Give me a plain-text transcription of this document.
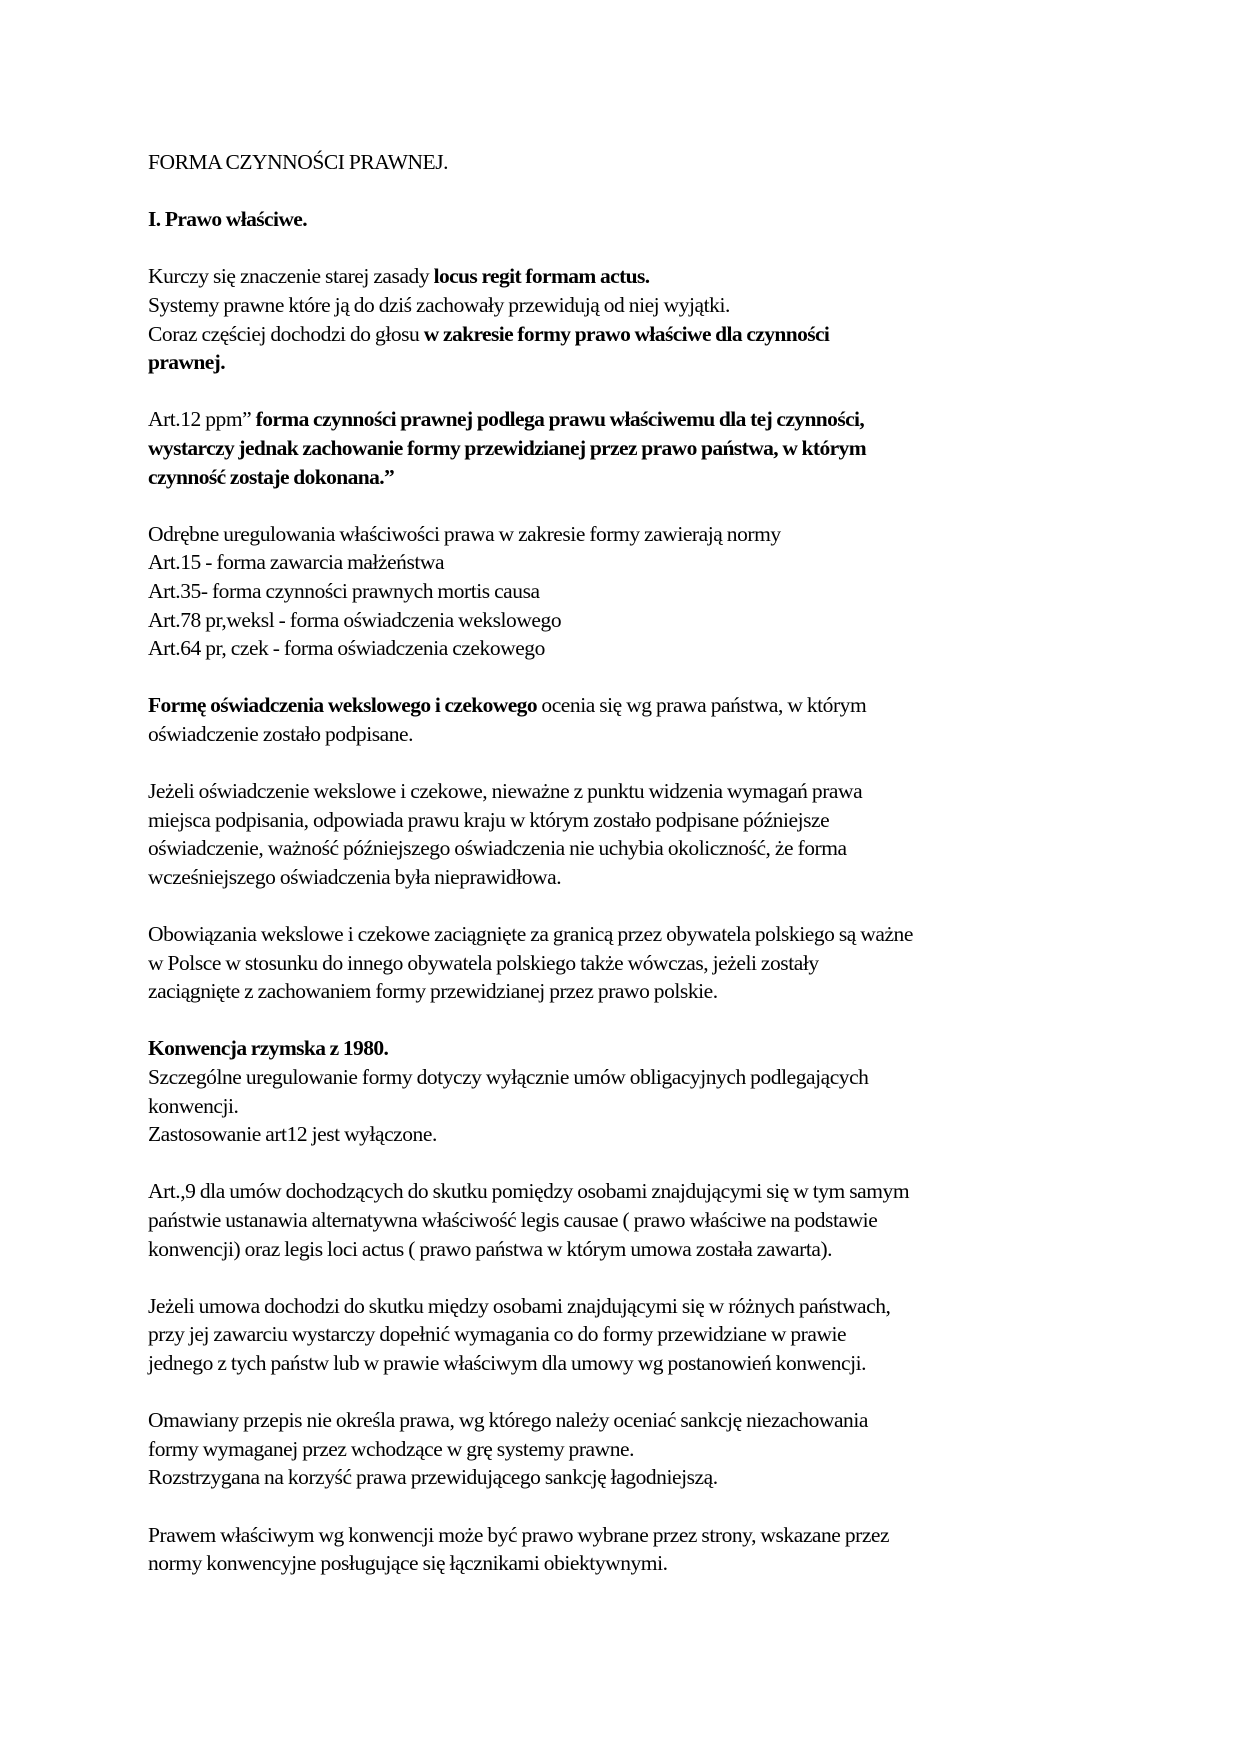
FORMA CZYNNOŚCI PRAWNEJ.
I. Prawo właściwe.
Kurczy się znaczenie starej zasady locus regit formam actus.
Systemy prawne które ją do dziś zachowały przewidują od niej wyjątki.
Coraz częściej dochodzi do głosu w zakresie formy prawo właściwe dla czynności
prawnej.
Art.12 ppm” forma czynności prawnej podlega prawu właściwemu dla tej czynności,
wystarczy jednak zachowanie formy przewidzianej przez prawo państwa, w którym
czynność zostaje dokonana.”
Odrębne uregulowania właściwości prawa w zakresie formy zawierają normy
Art.15 - forma zawarcia małżeństwa
Art.35- forma czynności prawnych mortis causa
Art.78 pr,weksl - forma oświadczenia wekslowego
Art.64 pr, czek - forma oświadczenia czekowego
Formę oświadczenia wekslowego i czekowego ocenia się wg prawa państwa, w którym
oświadczenie zostało podpisane.
Jeżeli oświadczenie wekslowe i czekowe, nieważne z punktu widzenia wymagań prawa
miejsca podpisania, odpowiada prawu kraju w którym zostało podpisane późniejsze
oświadczenie, ważność późniejszego oświadczenia nie uchybia okoliczność, że forma
wcześniejszego oświadczenia była nieprawidłowa.
Obowiązania wekslowe i czekowe zaciągnięte za granicą przez obywatela polskiego są ważne
w Polsce w stosunku do innego obywatela polskiego także wówczas, jeżeli zostały
zaciągnięte z zachowaniem formy przewidzianej przez prawo polskie.
Konwencja rzymska z 1980.
Szczególne uregulowanie formy dotyczy wyłącznie umów obligacyjnych podlegających
konwencji.
Zastosowanie art12 jest wyłączone.
Art.,9 dla umów dochodzących do skutku pomiędzy osobami znajdującymi się w tym samym
państwie ustanawia alternatywna właściwość legis causae ( prawo właściwe na podstawie
konwencji) oraz legis loci actus ( prawo państwa w którym umowa została zawarta).
Jeżeli umowa dochodzi do skutku między osobami znajdującymi się w różnych państwach,
przy jej zawarciu wystarczy dopełnić wymagania co do formy przewidziane w prawie
jednego z tych państw lub w prawie właściwym dla umowy wg postanowień konwencji.
Omawiany przepis nie określa prawa, wg którego należy oceniać sankcję niezachowania
formy wymaganej przez wchodzące w grę systemy prawne.
Rozstrzygana na korzyść prawa przewidującego sankcję łagodniejszą.
Prawem właściwym wg konwencji może być prawo wybrane przez strony, wskazane przez
normy konwencyjne posługujące się łącznikami obiektywnymi.
